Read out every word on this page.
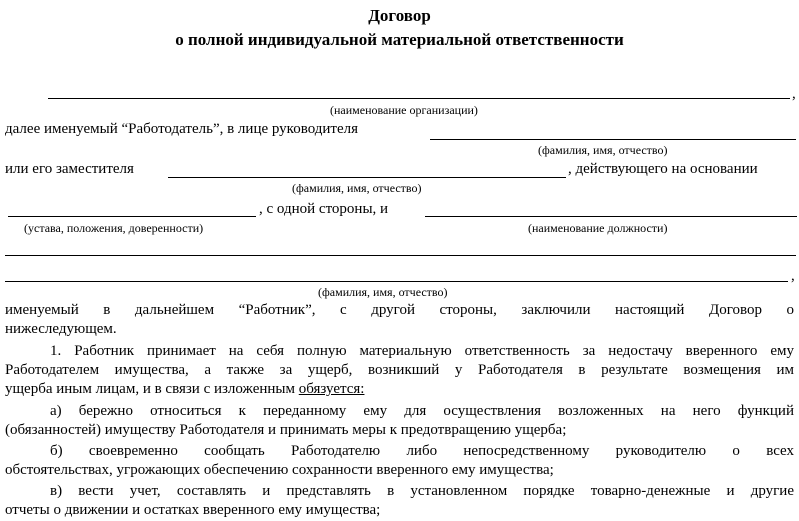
Договор
о полной индивидуальной материальной ответственности
,
(наименование организации)
далее именуемый “Работодатель”, в лице руководителя
(фамилия, имя, отчество)
или его заместителя	, действующего на основании
(фамилия, имя, отчество)
, с одной стороны, и
(устава, положения, доверенности)	(наименование должности)
,
(фамилия, имя, отчество)
именуемый в дальнейшем “Работник”, с другой стороны, заключили настоящий Договор о
нижеследующем.
1. Работник принимает на себя полную материальную ответственность за недостачу вверенного ему
Работодателем имущества, а также за ущерб, возникший у Работодателя в результате возмещения им
ущерба иным лицам, и в связи с изложенным обязуется:
а) бережно относиться к переданному ему для осуществления возложенных на него функций
(обязанностей) имуществу Работодателя и принимать меры к предотвращению ущерба;
б) своевременно сообщать Работодателю либо непосредственному руководителю о всех
обстоятельствах, угрожающих обеспечению сохранности вверенного ему имущества;
в) вести учет, составлять и представлять в установленном порядке товарно-денежные и другие
отчеты о движении и остатках вверенного ему имущества;
